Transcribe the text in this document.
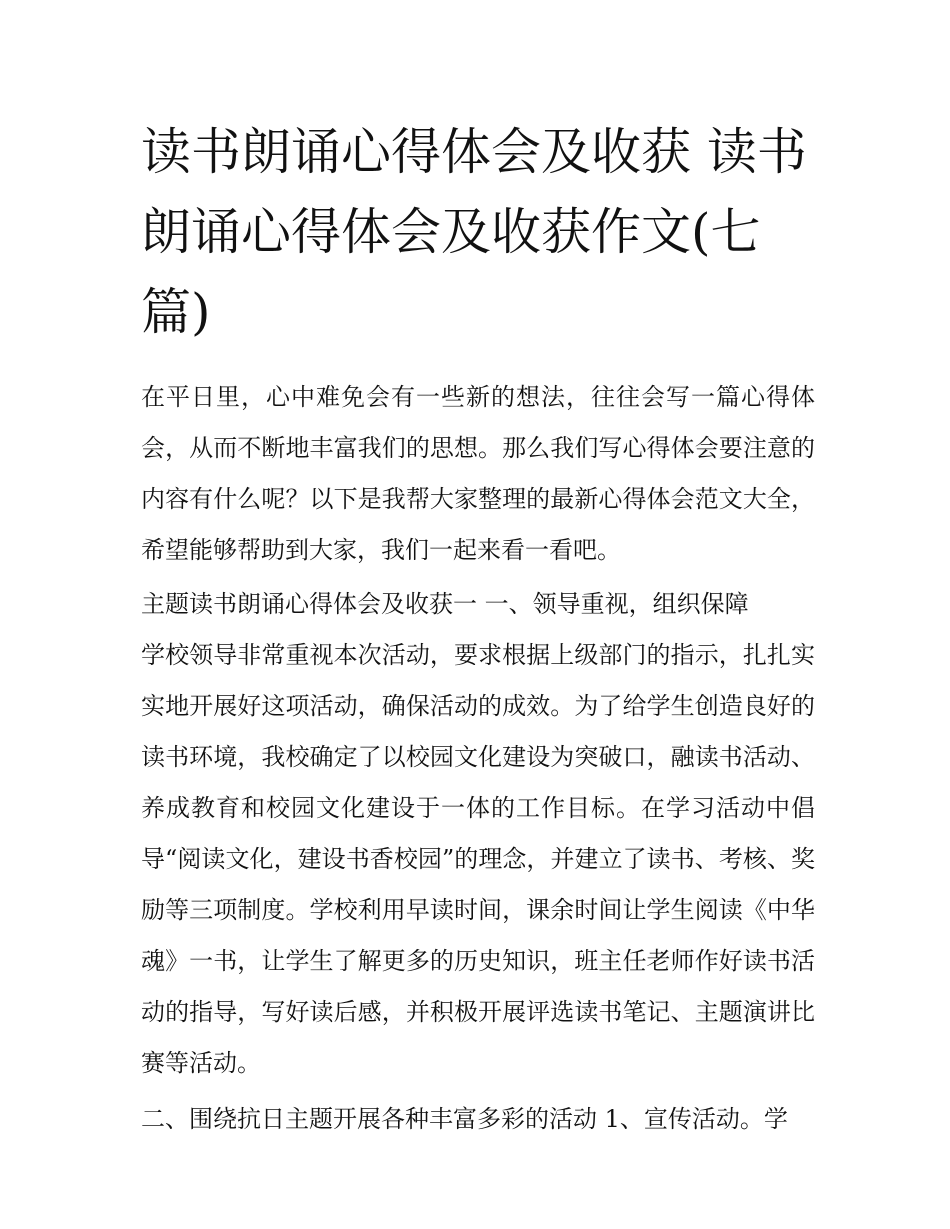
读书朗诵心得体会及收获 读书朗诵心得体会及收获作文(七篇)

在平日里，心中难免会有一些新的想法，往往会写一篇心得体会，从而不断地丰富我们的思想。那么我们写心得体会要注意的内容有什么呢？以下是我帮大家整理的最新心得体会范文大全，希望能够帮助到大家，我们一起来看一看吧。

主题读书朗诵心得体会及收获一 一、领导重视，组织保障

学校领导非常重视本次活动，要求根据上级部门的指示，扎扎实实地开展好这项活动，确保活动的成效。为了给学生创造良好的读书环境，我校确定了以校园文化建设为突破口，融读书活动、养成教育和校园文化建设于一体的工作目标。在学习活动中倡导“阅读文化，建设书香校园”的理念，并建立了读书、考核、奖励等三项制度。学校利用早读时间，课余时间让学生阅读《中华魂》一书，让学生了解更多的历史知识，班主任老师作好读书活动的指导，写好读后感，并积极开展评选读书笔记、主题演讲比赛等活动。

二、围绕抗日主题开展各种丰富多彩的活动 1、宣传活动。学
